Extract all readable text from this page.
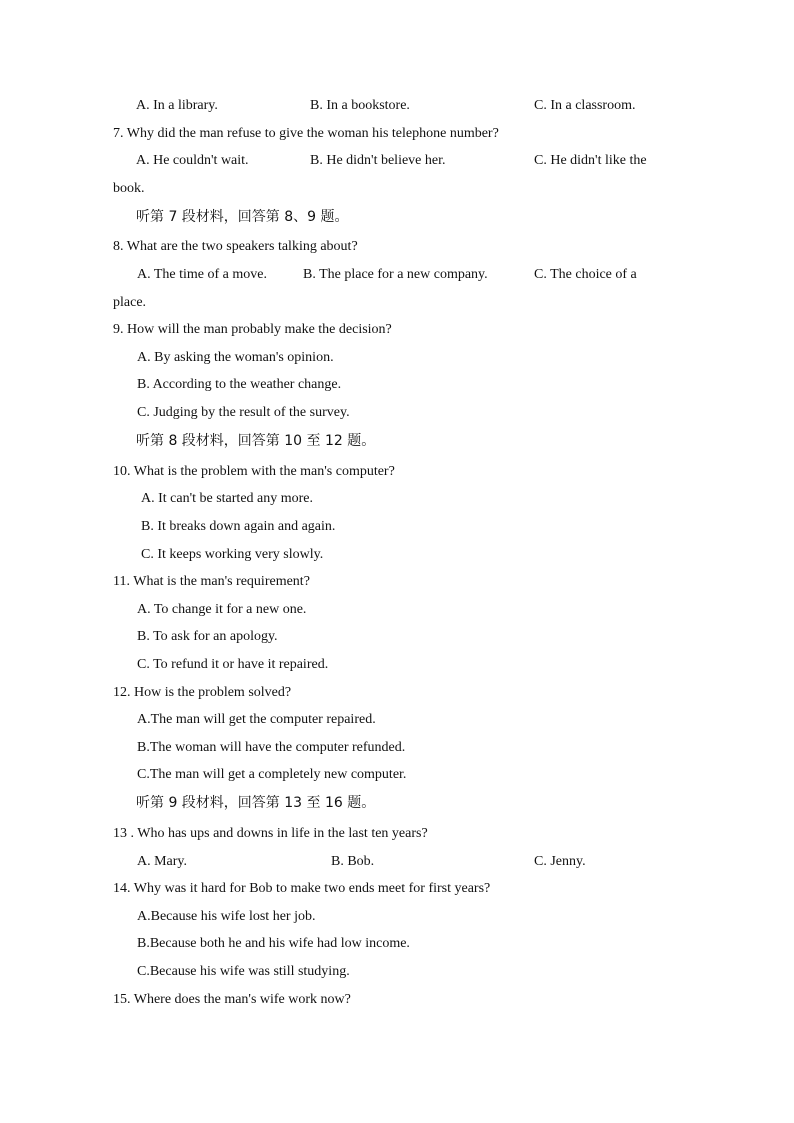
A. In a library.	B. In a bookstore.	C. In a classroom.
7. Why did the man refuse to give the woman his telephone number?
A. He couldn't wait.	B. He didn't believe her.	C. He didn't like the
book.
听第 7 段材料，回答第 8、9 题。
8. What are the two speakers talking about?
A. The time of a move.	B. The place for a new company.	C. The choice of a
place.
9. How will the man probably make the decision?
A. By asking the woman's opinion.
B. According to the weather change.
C. Judging by the result of the survey.
听第 8 段材料，回答第 10 至 12 题。
10. What is the problem with the man's computer?
A. It can't be started any more.
B. It breaks down again and again.
C. It keeps working very slowly.
11. What is the man's requirement?
A. To change it for a new one.
B. To ask for an apology.
C. To refund it or have it repaired.
12. How is the problem solved?
A.The man will get the computer repaired.
B.The woman will have the computer refunded.
C.The man will get a completely new computer.
听第 9 段材料，回答第 13 至 16 题。
13 . Who has ups and downs in life in the last ten years?
A. Mary.	B. Bob.	C. Jenny.
14. Why was it hard for Bob to make two ends meet for first years?
A.Because his wife lost her job.
B.Because both he and his wife had low income.
C.Because his wife was still studying.
15. Where does the man's wife work now?
